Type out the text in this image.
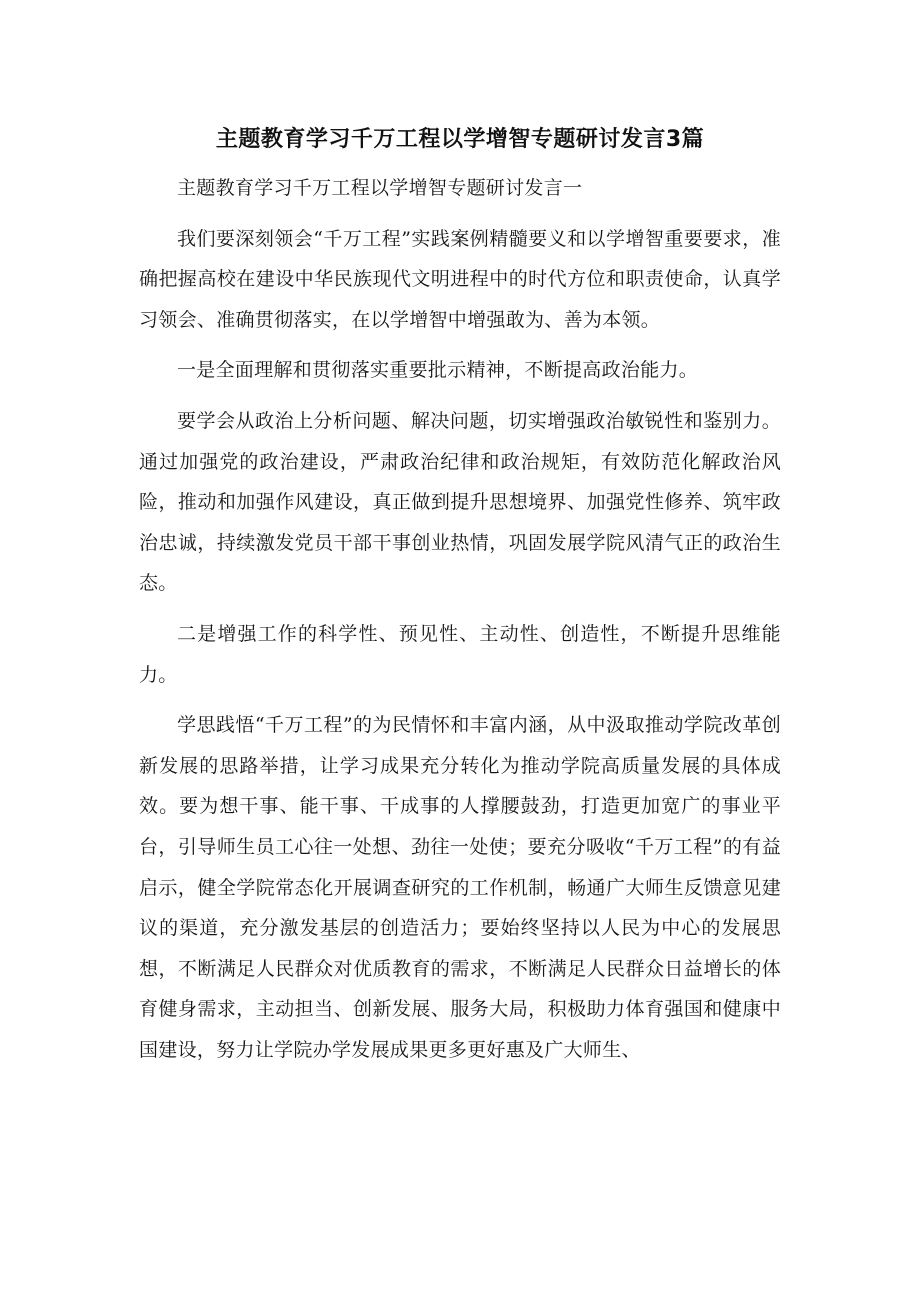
主题教育学习千万工程以学增智专题研讨发言3篇

主题教育学习千万工程以学增智专题研讨发言一

我们要深刻领会“千万工程”实践案例精髓要义和以学增智重要要求，准确把握高校在建设中华民族现代文明进程中的时代方位和职责使命，认真学习领会、准确贯彻落实，在以学增智中增强敢为、善为本领。

一是全面理解和贯彻落实重要批示精神，不断提高政治能力。

要学会从政治上分析问题、解决问题，切实增强政治敏锐性和鉴别力。通过加强党的政治建设，严肃政治纪律和政治规矩，有效防范化解政治风险，推动和加强作风建设，真正做到提升思想境界、加强党性修养、筑牢政治忠诚，持续激发党员干部干事创业热情，巩固发展学院风清气正的政治生态。

二是增强工作的科学性、预见性、主动性、创造性，不断提升思维能力。

学思践悟“千万工程”的为民情怀和丰富内涵，从中汲取推动学院改革创新发展的思路举措，让学习成果充分转化为推动学院高质量发展的具体成效。要为想干事、能干事、干成事的人撑腰鼓劲，打造更加宽广的事业平台，引导师生员工心往一处想、劲往一处使；要充分吸收“千万工程”的有益启示，健全学院常态化开展调查研究的工作机制，畅通广大师生反馈意见建议的渠道，充分激发基层的创造活力；要始终坚持以人民为中心的发展思想，不断满足人民群众对优质教育的需求，不断满足人民群众日益增长的体育健身需求，主动担当、创新发展、服务大局，积极助力体育强国和健康中国建设，努力让学院办学发展成果更多更好惠及广大师生、
